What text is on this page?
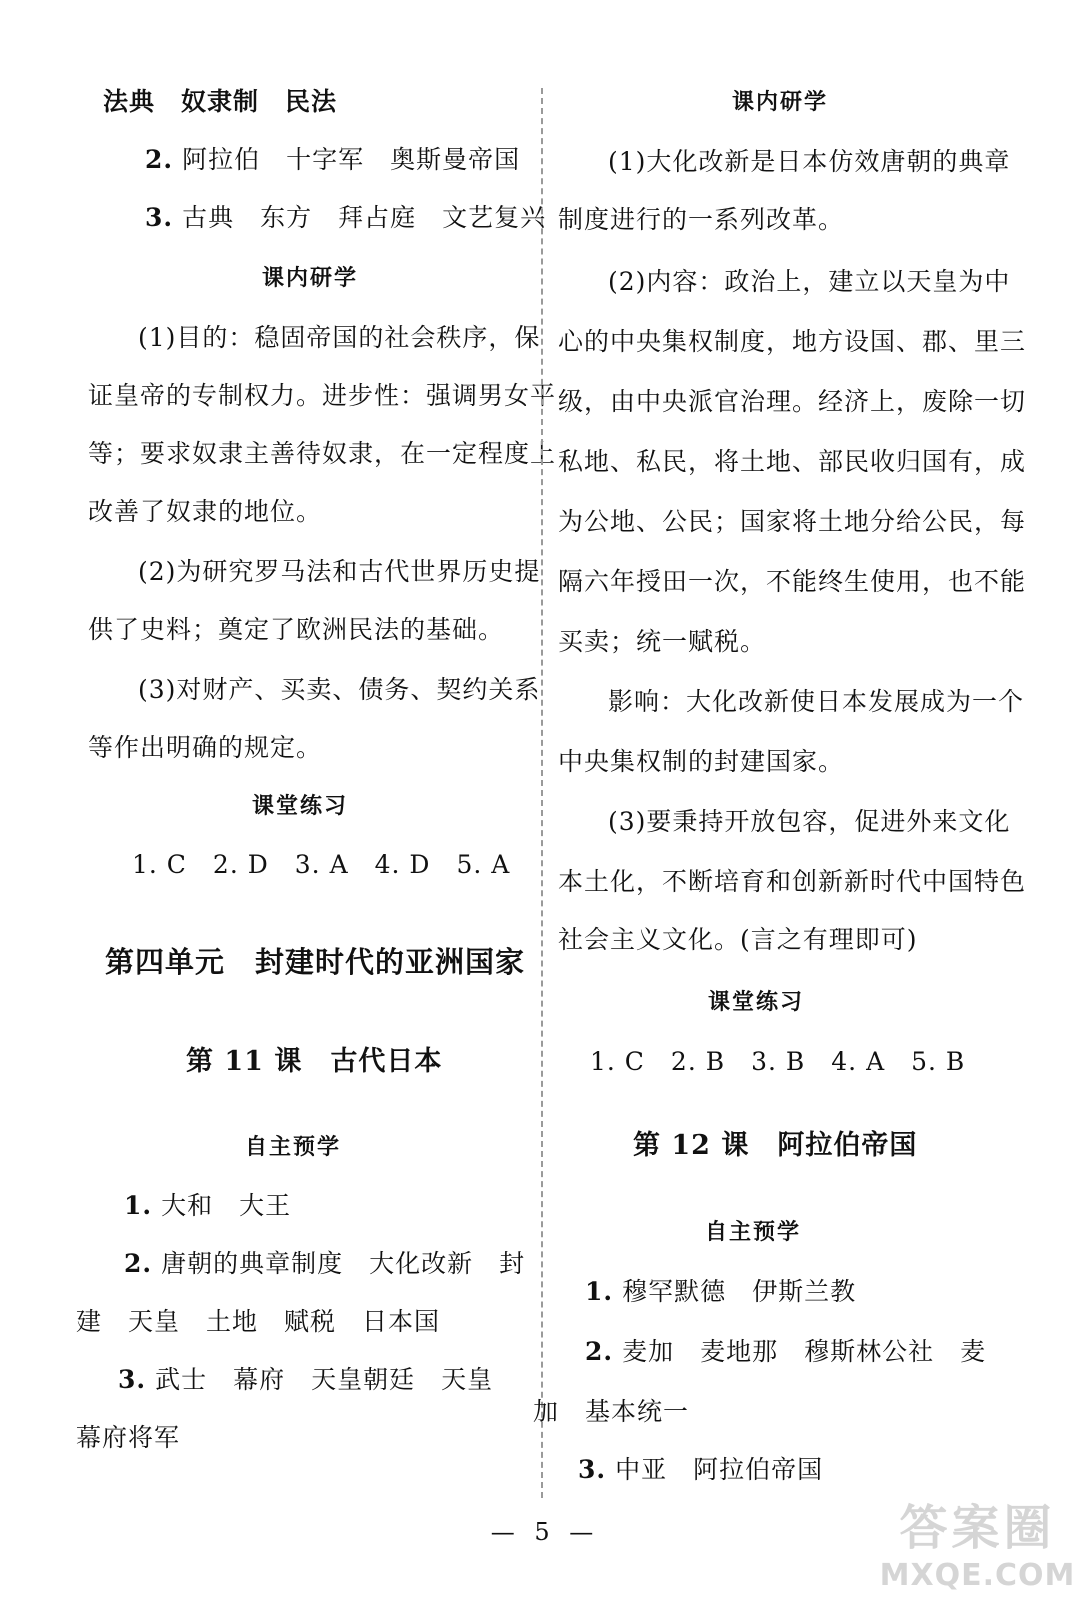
法典　奴隶制　民法
2. 阿拉伯　十字军　奥斯曼帝国
3. 古典　东方　拜占庭　文艺复兴
课内研学
(1)目的：稳固帝国的社会秩序，保
证皇帝的专制权力。进步性：强调男女平
等；要求奴隶主善待奴隶，在一定程度上
改善了奴隶的地位。
(2)为研究罗马法和古代世界历史提
供了史料；奠定了欧洲民法的基础。
(3)对财产、买卖、债务、契约关系
等作出明确的规定。
课堂练习
1. C　2. D　3. A　4. D　5. A
第四单元　封建时代的亚洲国家
第 11 课　古代日本
自主预学
1. 大和　大王
2. 唐朝的典章制度　大化改新　封
建　天皇　土地　赋税　日本国
3. 武士　幕府　天皇朝廷　天皇
幕府将军
课内研学
(1)大化改新是日本仿效唐朝的典章
制度进行的一系列改革。
(2)内容：政治上，建立以天皇为中
心的中央集权制度，地方设国、郡、里三
级，由中央派官治理。经济上，废除一切
私地、私民，将土地、部民收归国有，成
为公地、公民；国家将土地分给公民，每
隔六年授田一次，不能终生使用，也不能
买卖；统一赋税。
影响：大化改新使日本发展成为一个
中央集权制的封建国家。
(3)要秉持开放包容，促进外来文化
本土化，不断培育和创新新时代中国特色
社会主义文化。(言之有理即可)
课堂练习
1. C　2. B　3. B　4. A　5. B
第 12 课　阿拉伯帝国
自主预学
1. 穆罕默德　伊斯兰教
2. 麦加　麦地那　穆斯林公社　麦
加　基本统一
3. 中亚　阿拉伯帝国
— 5 —	答案圈
MXQE.COM
